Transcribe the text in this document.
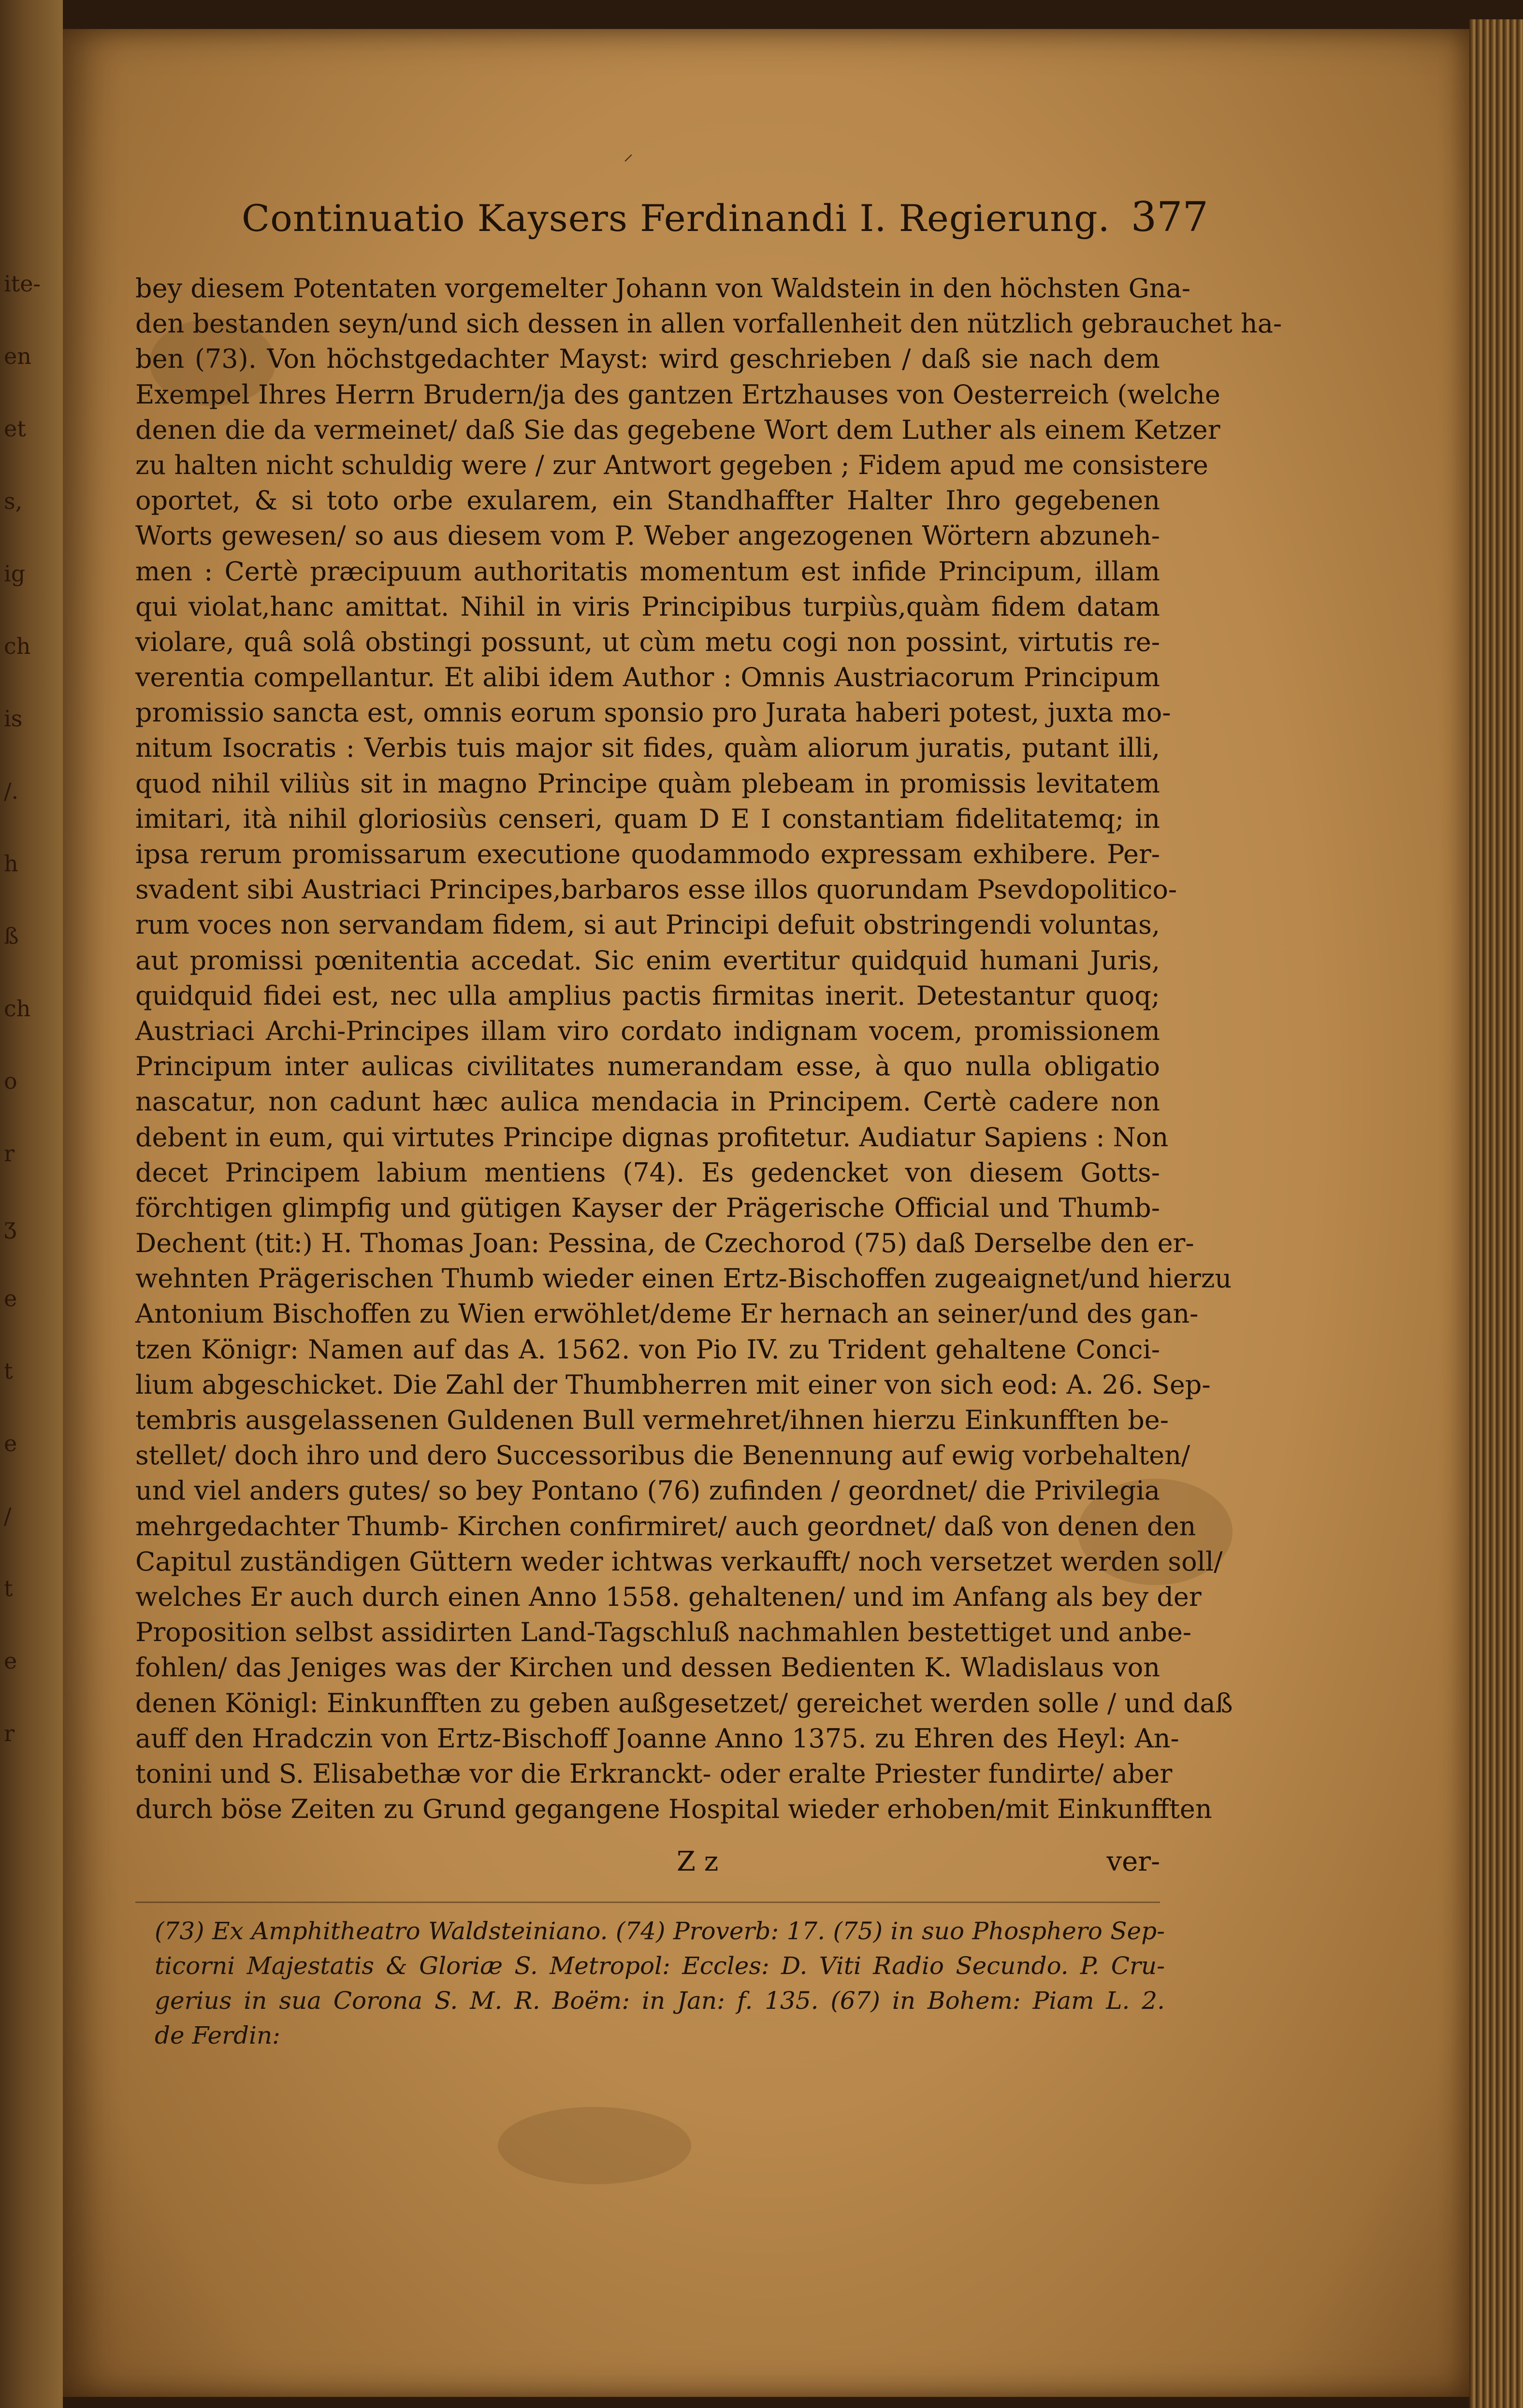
ite-
en
et
s,
ig
ch
is
/.
h
ß
ch
o
r
ʒ
e
t
e
/
t
e
r
⸍
Continuatio Kaysers Ferdinandi I. Regierung. 377
bey diesem Potentaten vorgemelter Johann von Waldstein in den höchsten Gna-
den bestanden seyn/und sich dessen in allen vorfallenheit den nützlich gebrauchet ha-
ben (73). Von höchstgedachter Mayst: wird geschrieben / daß sie nach dem
Exempel Ihres Herrn Brudern/ja des gantzen Ertzhauses von Oesterreich (welche
denen die da vermeinet/ daß Sie das gegebene Wort dem Luther als einem Ketzer
zu halten nicht schuldig were / zur Antwort gegeben ; Fidem apud me consistere
oportet, & si toto orbe exularem, ein Standhaffter Halter Ihro gegebenen
Worts gewesen/ so aus diesem vom P. Weber angezogenen Wörtern abzuneh-
men : Certè præcipuum authoritatis momentum est infide Principum, illam
qui violat,hanc amittat. Nihil in viris Principibus turpiùs,quàm fidem datam
violare, quâ solâ obstingi possunt, ut cùm metu cogi non possint, virtutis re-
verentia compellantur. Et alibi idem Author : Omnis Austriacorum Principum
promissio sancta est, omnis eorum sponsio pro Jurata haberi potest, juxta mo-
nitum Isocratis : Verbis tuis major sit fides, quàm aliorum juratis, putant illi,
quod nihil viliùs sit in magno Principe quàm plebeam in promissis levitatem
imitari, ità nihil gloriosiùs censeri, quam D E I constantiam fidelitatemq; in
ipsa rerum promissarum executione quodammodo expressam exhibere. Per-
svadent sibi Austriaci Principes,barbaros esse illos quorundam Psevdopolitico-
rum voces non servandam fidem, si aut Principi defuit obstringendi voluntas,
aut promissi pœnitentia accedat. Sic enim evertitur quidquid humani Juris,
quidquid fidei est, nec ulla amplius pactis firmitas inerit. Detestantur quoq;
Austriaci Archi-Principes illam viro cordato indignam vocem, promissionem
Principum inter aulicas civilitates numerandam esse, à quo nulla obligatio
nascatur, non cadunt hæc aulica mendacia in Principem. Certè cadere non
debent in eum, qui virtutes Principe dignas profitetur. Audiatur Sapiens : Non
decet Principem labium mentiens (74). Es gedencket von diesem Gotts-
förchtigen glimpfig und gütigen Kayser der Prägerische Official und Thumb-
Dechent (tit:) H. Thomas Joan: Pessina, de Czechorod (75) daß Derselbe den er-
wehnten Prägerischen Thumb wieder einen Ertz-Bischoffen zugeaignet/und hierzu
Antonium Bischoffen zu Wien erwöhlet/deme Er hernach an seiner/und des gan-
tzen Königr: Namen auf das A. 1562. von Pio IV. zu Trident gehaltene Conci-
lium abgeschicket. Die Zahl der Thumbherren mit einer von sich eod: A. 26. Sep-
tembris ausgelassenen Guldenen Bull vermehret/ihnen hierzu Einkunfften be-
stellet/ doch ihro und dero Successoribus die Benennung auf ewig vorbehalten/
und viel anders gutes/ so bey Pontano (76) zufinden / geordnet/ die Privilegia
mehrgedachter Thumb- Kirchen confirmiret/ auch geordnet/ daß von denen den
Capitul zuständigen Güttern weder ichtwas verkaufft/ noch versetzet werden soll/
welches Er auch durch einen Anno 1558. gehaltenen/ und im Anfang als bey der
Proposition selbst assidirten Land-Tagschluß nachmahlen bestettiget und anbe-
fohlen/ das Jeniges was der Kirchen und dessen Bedienten K. Wladislaus von
denen Königl: Einkunfften zu geben außgesetzet/ gereichet werden solle / und daß
auff den Hradczin von Ertz-Bischoff Joanne Anno 1375. zu Ehren des Heyl: An-
tonini und S. Elisabethæ vor die Erkranckt- oder eralte Priester fundirte/ aber
durch böse Zeiten zu Grund gegangene Hospital wieder erhoben/mit Einkunfften
Z z	ver-
(73) Ex Amphitheatro Waldsteiniano. (74) Proverb: 17. (75) in suo Phosphero Sep-
ticorni Majestatis & Gloriæ S. Metropol: Eccles: D. Viti Radio Secundo. P. Cru-
gerius in sua Corona S. M. R. Boëm: in Jan: f. 135. (67) in Bohem: Piam L. 2.
de Ferdin:
